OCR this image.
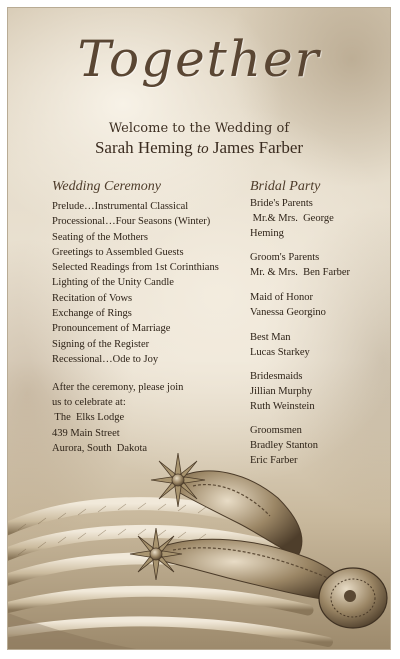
Together
Welcome to the Wedding of
Sarah Heming to James Farber
Wedding Ceremony
Prelude…Instrumental Classical
Processional…Four Seasons (Winter)
Seating of the Mothers
Greetings to Assembled Guests
Selected Readings from 1st Corinthians
Lighting of the Unity Candle
Recitation of Vows
Exchange of Rings
Pronouncement of Marriage
Signing of the Register
Recessional…Ode to Joy
After the ceremony, please join
us to celebrate at:
The  Elks Lodge
439 Main Street
Aurora, South  Dakota
Bridal Party
Bride's Parents
Mr.& Mrs.  George
Heming
Groom's Parents
Mr. & Mrs.  Ben Farber
Maid of Honor
Vanessa Georgino
Best Man
Lucas Starkey
Bridesmaids
Jillian Murphy
Ruth Weinstein
Groomsmen
Bradley Stanton
Eric Farber
